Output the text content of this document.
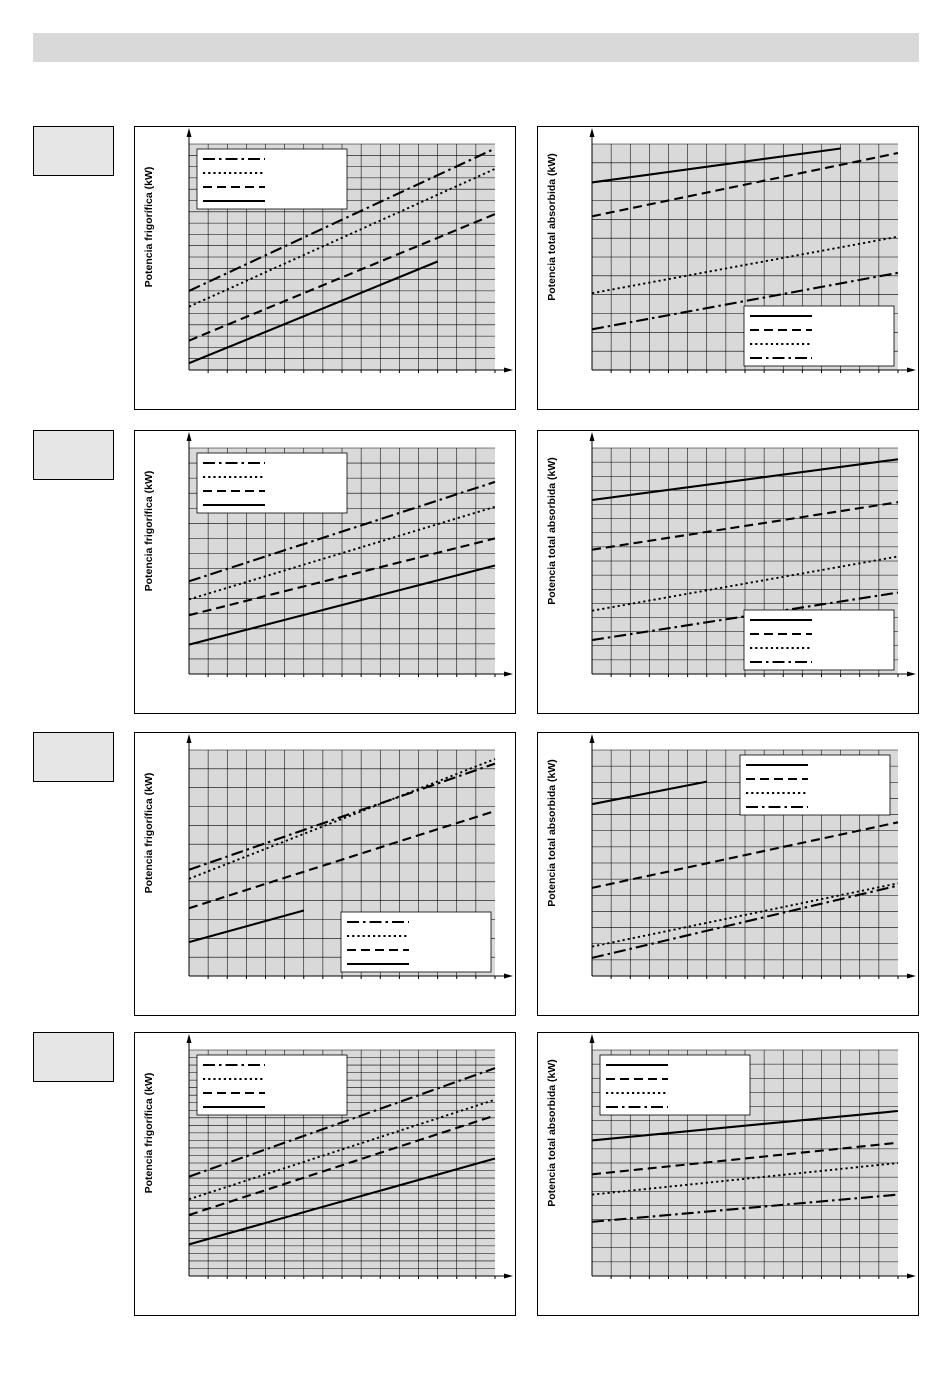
Potencia frigorífica (kW)	Potencia total absorbida (kW)
Potencia frigorífica (kW)	Potencia total absorbida (kW)
Potencia frigorífica (kW)	Potencia total absorbida (kW)
Potencia frigorífica (kW)	Potencia total absorbida (kW)
